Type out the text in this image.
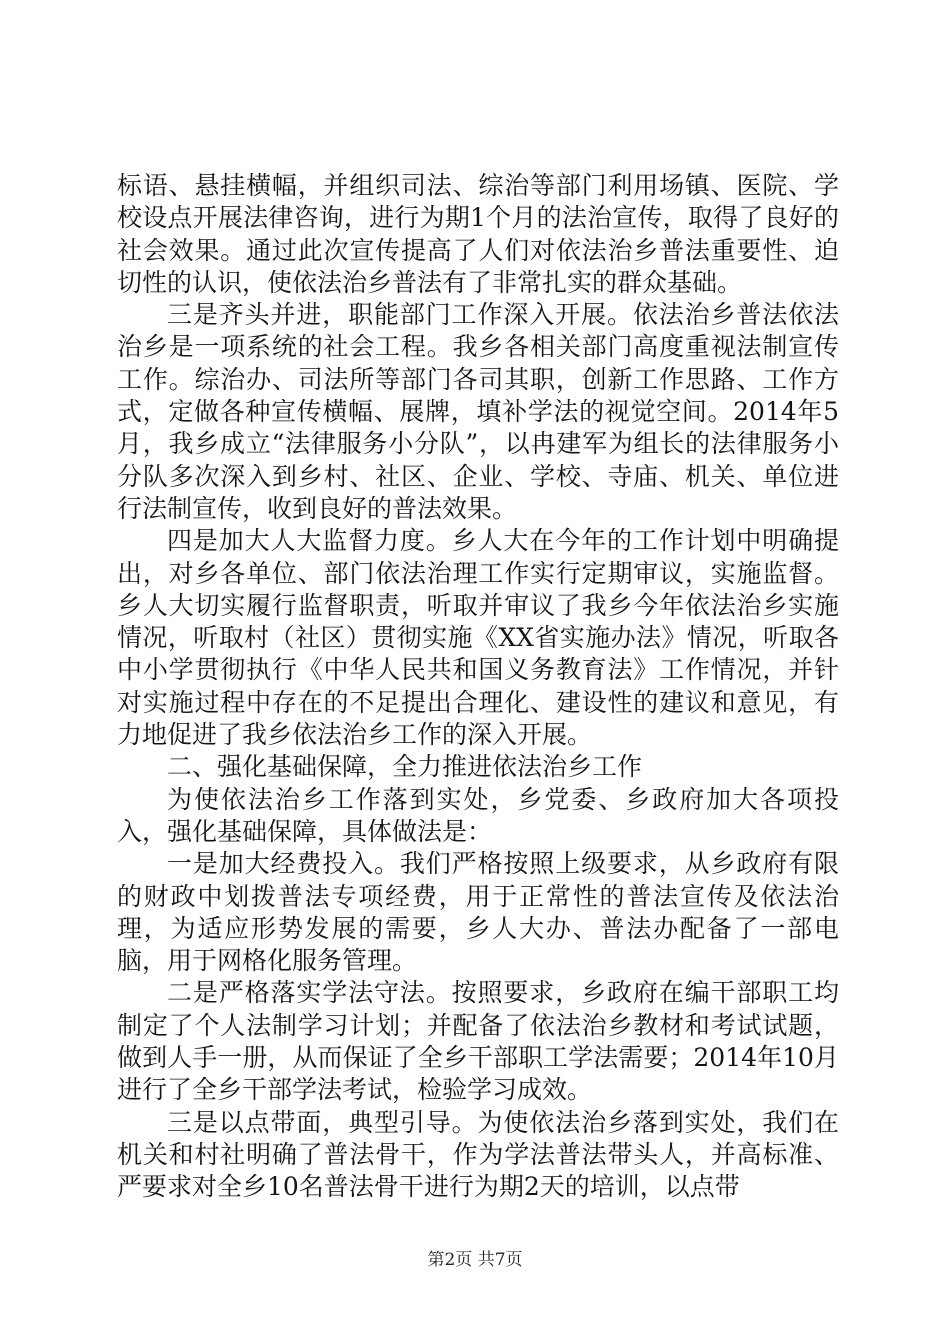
标语、悬挂横幅，并组织司法、综治等部门利用场镇、医院、学校设点开展法律咨询，进行为期1个月的法治宣传，取得了良好的社会效果。通过此次宣传提高了人们对依法治乡普法重要性、迫切性的认识，使依法治乡普法有了非常扎实的群众基础。

三是齐头并进，职能部门工作深入开展。依法治乡普法依法治乡是一项系统的社会工程。我乡各相关部门高度重视法制宣传工作。综治办、司法所等部门各司其职，创新工作思路、工作方式，定做各种宣传横幅、展牌，填补学法的视觉空间。2014年5月，我乡成立“法律服务小分队”，以冉建军为组长的法律服务小分队多次深入到乡村、社区、企业、学校、寺庙、机关、单位进行法制宣传，收到良好的普法效果。

四是加大人大监督力度。乡人大在今年的工作计划中明确提出，对乡各单位、部门依法治理工作实行定期审议，实施监督。乡人大切实履行监督职责，听取并审议了我乡今年依法治乡实施情况，听取村（社区）贯彻实施《XX省实施办法》情况，听取各中小学贯彻执行《中华人民共和国义务教育法》工作情况，并针对实施过程中存在的不足提出合理化、建设性的建议和意见，有力地促进了我乡依法治乡工作的深入开展。

二、强化基础保障，全力推进依法治乡工作

为使依法治乡工作落到实处，乡党委、乡政府加大各项投入，强化基础保障，具体做法是：

一是加大经费投入。我们严格按照上级要求，从乡政府有限的财政中划拨普法专项经费，用于正常性的普法宣传及依法治理，为适应形势发展的需要，乡人大办、普法办配备了一部电脑，用于网格化服务管理。

二是严格落实学法守法。按照要求，乡政府在编干部职工均制定了个人法制学习计划；并配备了依法治乡教材和考试试题，做到人手一册，从而保证了全乡干部职工学法需要；2014年10月进行了全乡干部学法考试，检验学习成效。

三是以点带面，典型引导。为使依法治乡落到实处，我们在机关和村社明确了普法骨干，作为学法普法带头人，并高标准、严要求对全乡10名普法骨干进行为期2天的培训，以点带

第2页 共7页
